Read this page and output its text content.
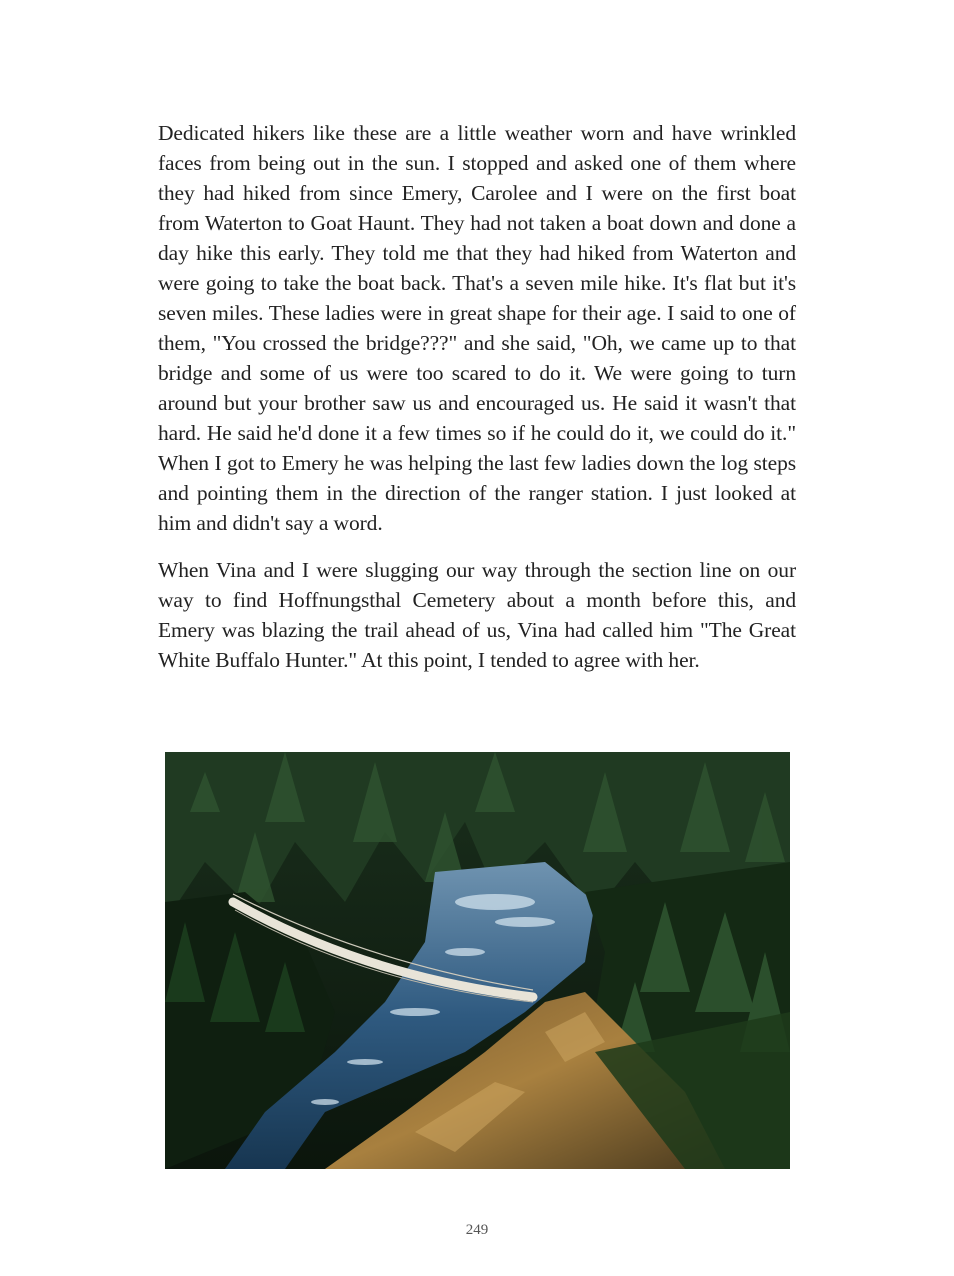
Dedicated hikers like these are a little weather worn and have wrinkled faces from being out in the sun. I stopped and asked one of them where they had hiked from since Emery, Carolee and I were on the first boat from Waterton to Goat Haunt. They had not taken a boat down and done a day hike this early. They told me that they had hiked from Waterton and were going to take the boat back. That's a seven mile hike. It's flat but it's seven miles. These ladies were in great shape for their age. I said to one of them, "You crossed the bridge???" and she said, "Oh, we came up to that bridge and some of us were too scared to do it. We were going to turn around but your brother saw us and encouraged us. He said it wasn't that hard. He said he'd done it a few times so if he could do it, we could do it." When I got to Emery he was helping the last few ladies down the log steps and pointing them in the direction of the ranger station. I just looked at him and didn't say a word.

When Vina and I were slugging our way through the section line on our way to find Hoffnungsthal Cemetery about a month before this, and Emery was blazing the trail ahead of us, Vina had called him "The Great White Buffalo Hunter." At this point, I tended to agree with her.

249
